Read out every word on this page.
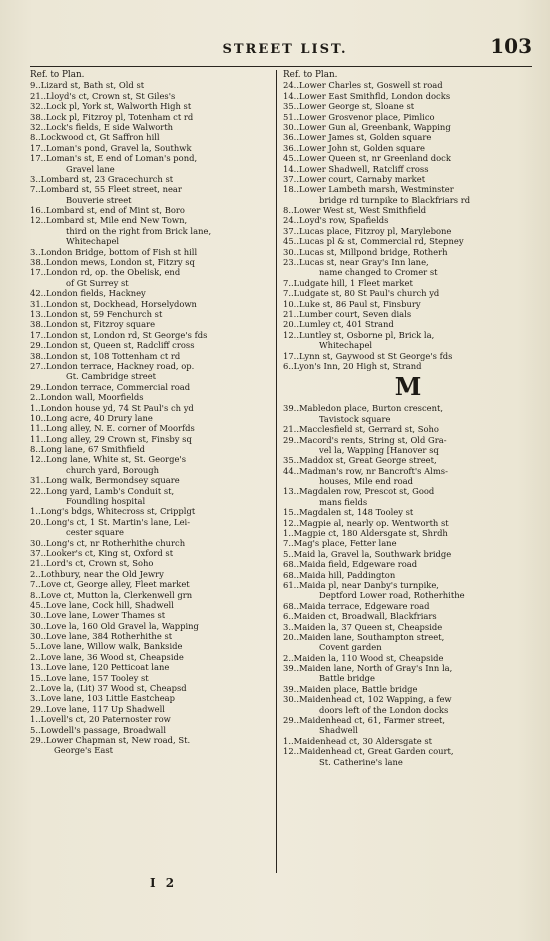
STREET LIST.	103
Ref. to Plan.
9..Lizard st, Bath st, Old st
21..Lloyd's ct, Crown st, St Giles's
32..Lock pl, York st, Walworth High st
38..Lock pl, Fitzroy pl, Totenham ct rd
32..Lock's fields, E side Walworth
8..Lockwood ct, Gt Saffron hill
17..Loman's pond, Gravel la, Southwk
17..Loman's st, E end of Loman's pond,
Gravel lane
3..Lombard st, 23 Gracechurch st
7..Lombard st, 55 Fleet street, near
Bouverie street
16..Lombard st, end of Mint st, Boro
12..Lombard st, Mile end New Town,
third on the right from Brick lane,
Whitechapel
3..London Bridge, bottom of Fish st hill
38..London mews, London st, Fitzry sq
17..London rd, op. the Obelisk, end
of Gt Surrey st
42..London fields, Hackney
31..London st, Dockhead, Horselydown
13..London st, 59 Fenchurch st
38..London st, Fitzroy square
17..London st, London rd, St George's fds
29..London st, Queen st, Radcliff cross
38..London st, 108 Tottenham ct rd
27..London terrace, Hackney road, op.
Gt. Cambridge street
29..London terrace, Commercial road
2..London wall, Moorfields
1..London house yd, 74 St Paul's ch yd
10..Long acre, 40 Drury lane
11..Long alley, N. E. corner of Moorfds
11..Long alley, 29 Crown st, Finsby sq
8..Long lane, 67 Smithfield
12..Long lane, White st, St. George's
church yard, Borough
31..Long walk, Bermondsey square
22..Long yard, Lamb's Conduit st,
Foundling hospital
1..Long's bdgs, Whitecross st, Cripplgt
20..Long's ct, 1 St. Martin's lane, Lei-
cester square
30..Long's ct, nr Rotherhithe church
37..Looker's ct, King st, Oxford st
21..Lord's ct, Crown st, Soho
2..Lothbury, near the Old Jewry
7..Love ct, George alley, Fleet market
8..Love ct, Mutton la, Clerkenwell grn
45..Love lane, Cock hill, Shadwell
30..Love lane, Lower Thames st
30..Love la, 160 Old Gravel la, Wapping
30..Love lane, 384 Rotherhithe st
5..Love lane, Willow walk, Bankside
2..Love lane, 36 Wood st, Cheapside
13..Love lane, 120 Petticoat lane
15..Love lane, 157 Tooley st
2..Love la, (Lit) 37 Wood st, Cheapsd
3..Love lane, 103 Little Eastcheap
29..Love lane, 117 Up Shadwell
1..Lovell's ct, 20 Paternoster row
5..Lowdell's passage, Broadwall
29..Lower Chapman st, New road, St.
George's East
Ref. to Plan.
24..Lower Charles st, Goswell st road
14..Lower East Smithfld, London docks
35..Lower George st, Sloane st
51..Lower Grosvenor place, Pimlico
30..Lower Gun al, Greenbank, Wapping
36..Lower James st, Golden square
36..Lower John st, Golden square
45..Lower Queen st, nr Greenland dock
14..Lower Shadwell, Ratcliff cross
37..Lower court, Carnaby market
18..Lower Lambeth marsh, Westminster
bridge rd turnpike to Blackfriars rd
8..Lower West st, West Smithfield
24..Loyd's row, Spafields
37..Lucas place, Fitzroy pl, Marylebone
45..Lucas pl & st, Commercial rd, Stepney
30..Lucas st, Millpond bridge, Rotherh
23..Lucas st, near Gray's Inn lane,
name changed to Cromer st
7..Ludgate hill, 1 Fleet market
7..Ludgate st, 80 St Paul's church yd
10..Luke st, 86 Paul st, Finsbury
21..Lumber court, Seven dials
20..Lumley ct, 401 Strand
12..Luntley st, Osborne pl, Brick la,
Whitechapel
17..Lynn st, Gaywood st St George's fds
6..Lyon's Inn, 20 High st, Strand
M
39..Mabledon place, Burton crescent,
Tavistock square
21..Macclesfield st, Gerrard st, Soho
29..Macord's rents, String st, Old Gra-
vel la, Wapping [Hanover sq
35..Maddox st, Great George street,
44..Madman's row, nr Bancroft's Alms-
houses, Mile end road
13..Magdalen row, Prescot st, Good
mans fields
15..Magdalen st, 148 Tooley st
12..Magpie al, nearly op. Wentworth st
1..Magpie ct, 180 Aldersgate st, Shrdh
7..Mag's place, Fetter lane
5..Maid la, Gravel la, Southwark bridge
68..Maida field, Edgeware road
68..Maida hill, Paddington
61..Maida pl, near Danby's turnpike,
Deptford Lower road, Rotherhithe
68..Maida terrace, Edgeware road
6..Maiden ct, Broadwall, Blackfriars
3..Maiden la, 37 Queen st, Cheapside
20..Maiden lane, Southampton street,
Covent garden
2..Maiden la, 110 Wood st, Cheapside
39..Maiden lane, North of Gray's Inn la,
Battle bridge
39..Maiden place, Battle bridge
30..Maidenhead ct, 102 Wapping, a few
doors left of the London docks
29..Maidenhead ct, 61, Farmer street,
Shadwell
1..Maidenhead ct, 30 Aldersgate st
12..Maidenhead ct, Great Garden court,
St. Catherine's lane
I 2
